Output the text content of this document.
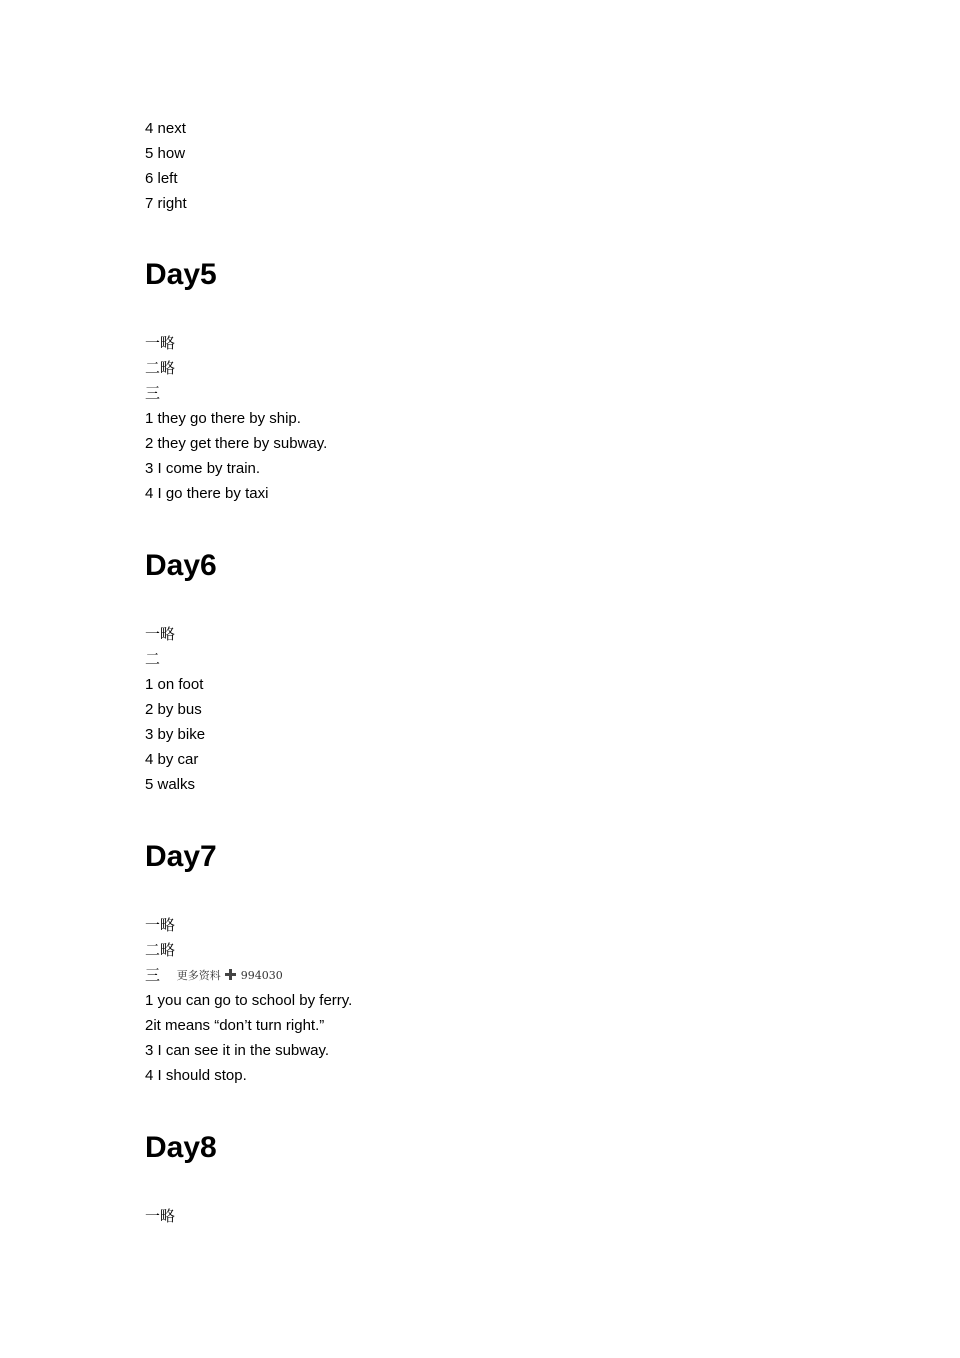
4 next
5 how
6 left
7 right
Day5
一略
二略
三
1 they go there by ship.
2 they get there by subway.
3 I come by train.
4 I go there by taxi
Day6
一略
二
1 on foot
2 by bus
3 by bike
4 by car
5 walks
Day7
一略
二略
三 更多资料 994030
1 you can go to school by ferry.
2it means “don’t turn right.”
3 I can see it in the subway.
4 I should stop.
Day8
一略
